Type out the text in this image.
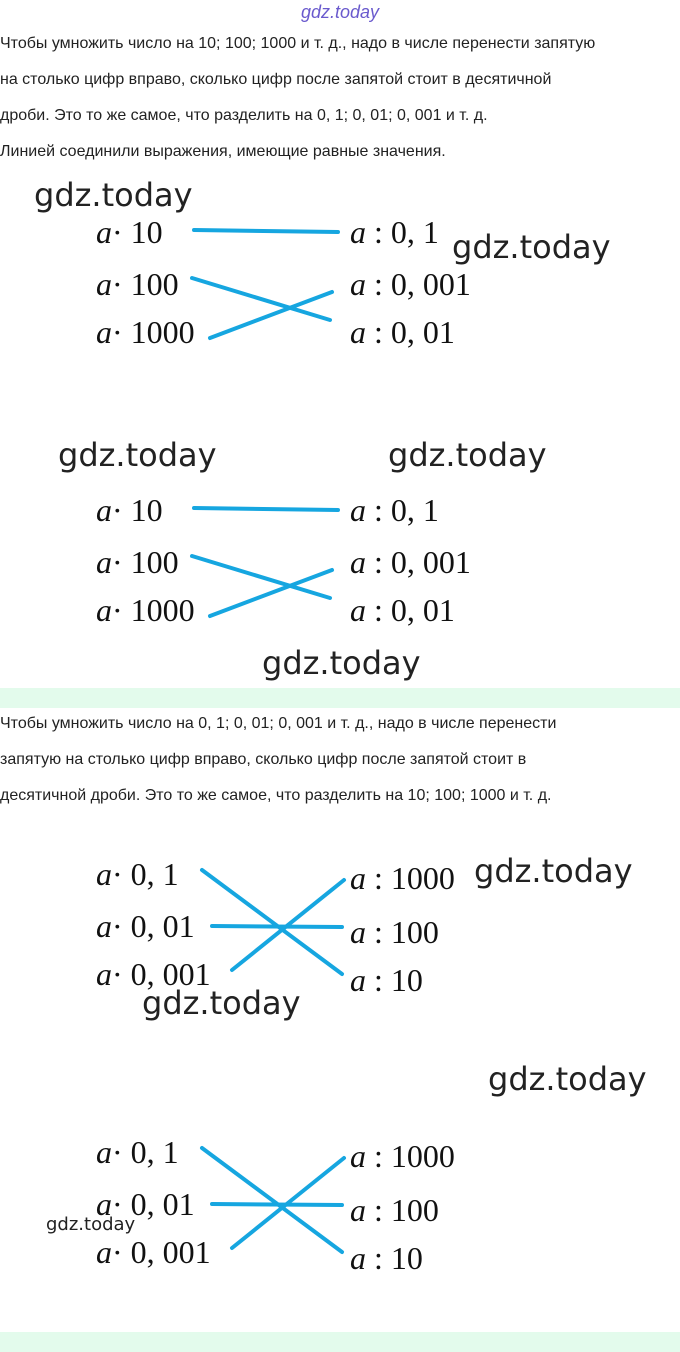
gdz.today

Чтобы умножить число на 10; 100; 1000 и т. д., надо в числе перенести запятую

на столько цифр вправо, сколько цифр после запятой стоит в десятичной

дроби. Это то же самое, что разделить на 0, 1; 0, 01; 0, 001 и т. д.

Линией соединили выражения, имеющие равные значения.

gdz.today
gdz.today
a· 10
a· 100
a· 1000
a : 0, 1
a : 0, 001
a : 0, 01
gdz.today	gdz.today
a· 10
a· 100
a· 1000
a : 0, 1
a : 0, 001
a : 0, 01
gdz.today

Чтобы умножить число на 0, 1; 0, 01; 0, 001 и т. д., надо в числе перенести

запятую на столько цифр вправо, сколько цифр после запятой стоит в

десятичной дроби. Это то же самое, что разделить на 10; 100; 1000 и т. д.

a· 0, 1
a· 0, 01
a· 0, 001
a : 1000
a : 100
a : 10
gdz.today
gdz.today
gdz.today
a· 0, 1
a· 0, 01
a· 0, 001
a : 1000
a : 100
a : 10
gdz.today
